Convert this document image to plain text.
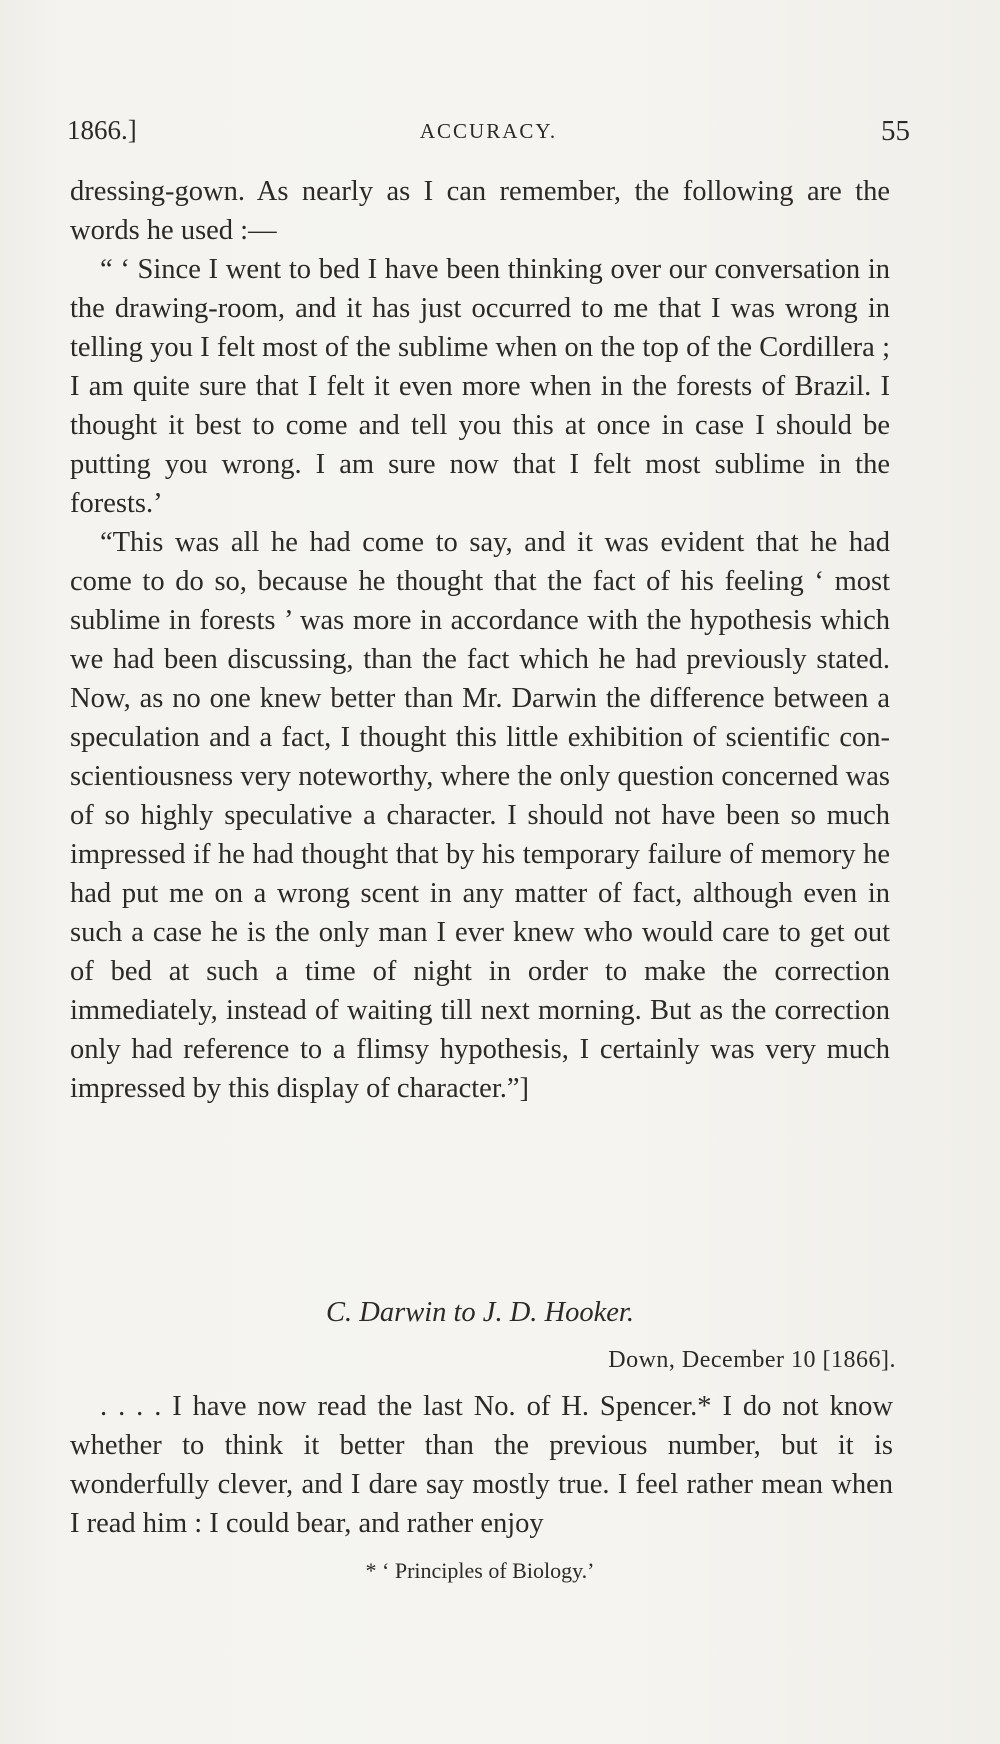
1866.]	ACCURACY.	55

dressing-gown. As nearly as I can remember, the following are the words he used :—

“ ‘ Since I went to bed I have been thinking over our conversation in the drawing-room, and it has just occurred to me that I was wrong in telling you I felt most of the sublime when on the top of the Cordillera ; I am quite sure that I felt it even more when in the forests of Brazil. I thought it best to come and tell you this at once in case I should be putting you wrong. I am sure now that I felt most sublime in the forests.’

“This was all he had come to say, and it was evident that he had come to do so, because he thought that the fact of his feeling ‘ most sublime in forests ’ was more in accordance with the hypothesis which we had been discussing, than the fact which he had previously stated. Now, as no one knew better than Mr. Darwin the difference between a speculation and a fact, I thought this little exhibition of scientific conscientiousness very noteworthy, where the only question concerned was of so highly speculative a character. I should not have been so much impressed if he had thought that by his temporary failure of memory he had put me on a wrong scent in any matter of fact, although even in such a case he is the only man I ever knew who would care to get out of bed at such a time of night in order to make the correction immediately, instead of waiting till next morning. But as the correction only had reference to a flimsy hypothesis, I certainly was very much impressed by this display of character.”]

C. Darwin to J. D. Hooker.
Down, December 10 [1866].

. . . . I have now read the last No. of H. Spencer.* I do not know whether to think it better than the previous number, but it is wonderfully clever, and I dare say mostly true. I feel rather mean when I read him : I could bear, and rather enjoy

* ‘ Principles of Biology.’
